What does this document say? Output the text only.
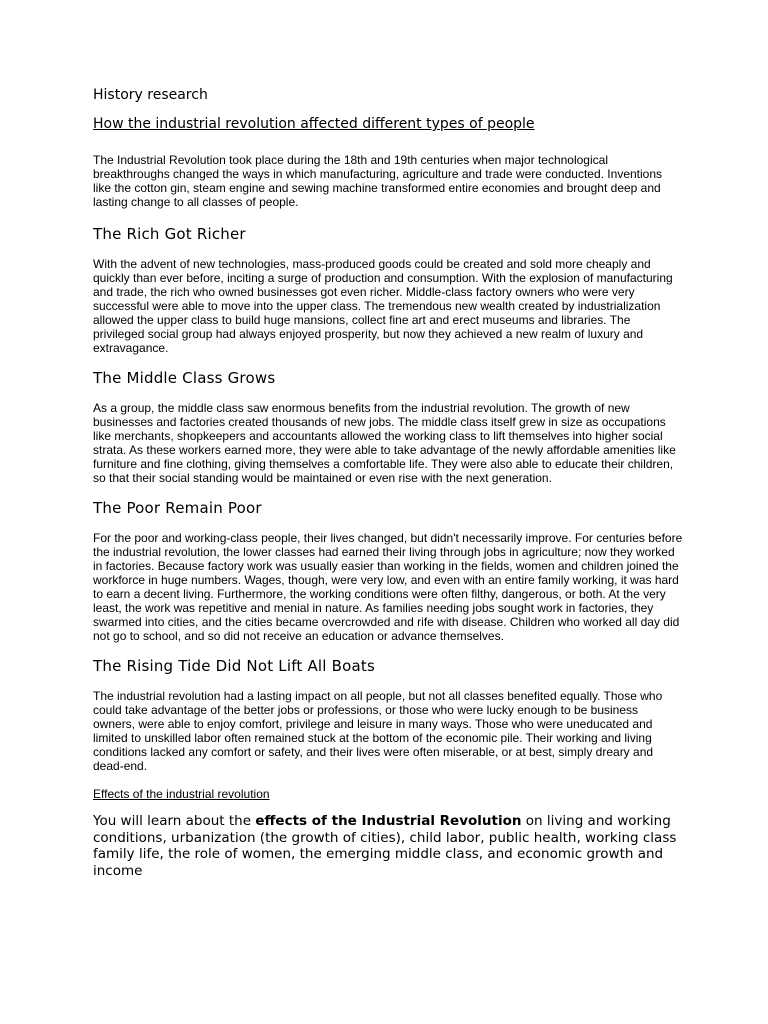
History research
How the industrial revolution affected different types of people

The Industrial Revolution took place during the 18th and 19th centuries when major technological breakthroughs changed the ways in which manufacturing, agriculture and trade were conducted. Inventions like the cotton gin, steam engine and sewing machine transformed entire economies and brought deep and lasting change to all classes of people.

The Rich Got Richer

With the advent of new technologies, mass-produced goods could be created and sold more cheaply and quickly than ever before, inciting a surge of production and consumption. With the explosion of manufacturing and trade, the rich who owned businesses got even richer. Middle-class factory owners who were very successful were able to move into the upper class. The tremendous new wealth created by industrialization allowed the upper class to build huge mansions, collect fine art and erect museums and libraries. The privileged social group had always enjoyed prosperity, but now they achieved a new realm of luxury and extravagance.

The Middle Class Grows

As a group, the middle class saw enormous benefits from the industrial revolution. The growth of new businesses and factories created thousands of new jobs. The middle class itself grew in size as occupations like merchants, shopkeepers and accountants allowed the working class to lift themselves into higher social strata. As these workers earned more, they were able to take advantage of the newly affordable amenities like furniture and fine clothing, giving themselves a comfortable life. They were also able to educate their children, so that their social standing would be maintained or even rise with the next generation.

The Poor Remain Poor

For the poor and working-class people, their lives changed, but didn't necessarily improve. For centuries before the industrial revolution, the lower classes had earned their living through jobs in agriculture; now they worked in factories. Because factory work was usually easier than working in the fields, women and children joined the workforce in huge numbers. Wages, though, were very low, and even with an entire family working, it was hard to earn a decent living. Furthermore, the working conditions were often filthy, dangerous, or both. At the very least, the work was repetitive and menial in nature. As families needing jobs sought work in factories, they swarmed into cities, and the cities became overcrowded and rife with disease. Children who worked all day did not go to school, and so did not receive an education or advance themselves.

The Rising Tide Did Not Lift All Boats

The industrial revolution had a lasting impact on all people, but not all classes benefited equally. Those who could take advantage of the better jobs or professions, or those who were lucky enough to be business owners, were able to enjoy comfort, privilege and leisure in many ways. Those who were uneducated and limited to unskilled labor often remained stuck at the bottom of the economic pile. Their working and living conditions lacked any comfort or safety, and their lives were often miserable, or at best, simply dreary and dead-end.

Effects of the industrial revolution

You will learn about the effects of the Industrial Revolution on living and working conditions, urbanization (the growth of cities), child labor, public health, working class family life, the role of women, the emerging middle class, and economic growth and income
